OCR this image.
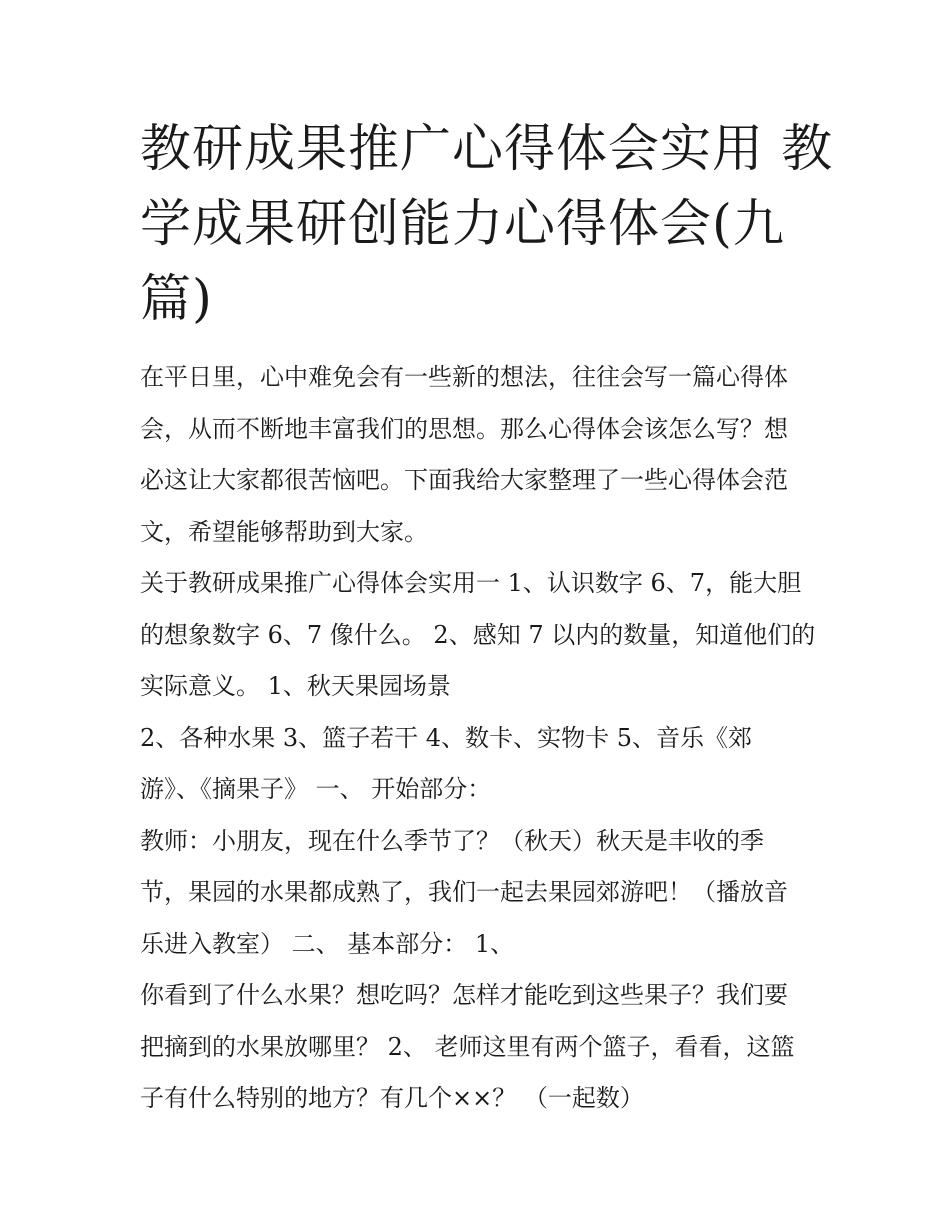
教研成果推广心得体会实用 教
学成果研创能力心得体会(九
篇)

在平日里，心中难免会有一些新的想法，往往会写一篇心得体
会，从而不断地丰富我们的思想。那么心得体会该怎么写？想
必这让大家都很苦恼吧。下面我给大家整理了一些心得体会范
文，希望能够帮助到大家。

关于教研成果推广心得体会实用一 1、认识数字 6、7，能大胆
的想象数字 6、7 像什么。 2、感知 7 以内的数量，知道他们的
实际意义。 1、秋天果园场景

2、各种水果 3、篮子若干 4、数卡、实物卡 5、音乐《郊
游》、《摘果子》 一、 开始部分：

教师：小朋友，现在什么季节了？（秋天）秋天是丰收的季
节，果园的水果都成熟了，我们一起去果园郊游吧！（播放音
乐进入教室） 二、 基本部分： 1、

你看到了什么水果？想吃吗？怎样才能吃到这些果子？我们要
把摘到的水果放哪里？ 2、 老师这里有两个篮子，看看，这篮
子有什么特别的地方？有几个××？ （一起数）
